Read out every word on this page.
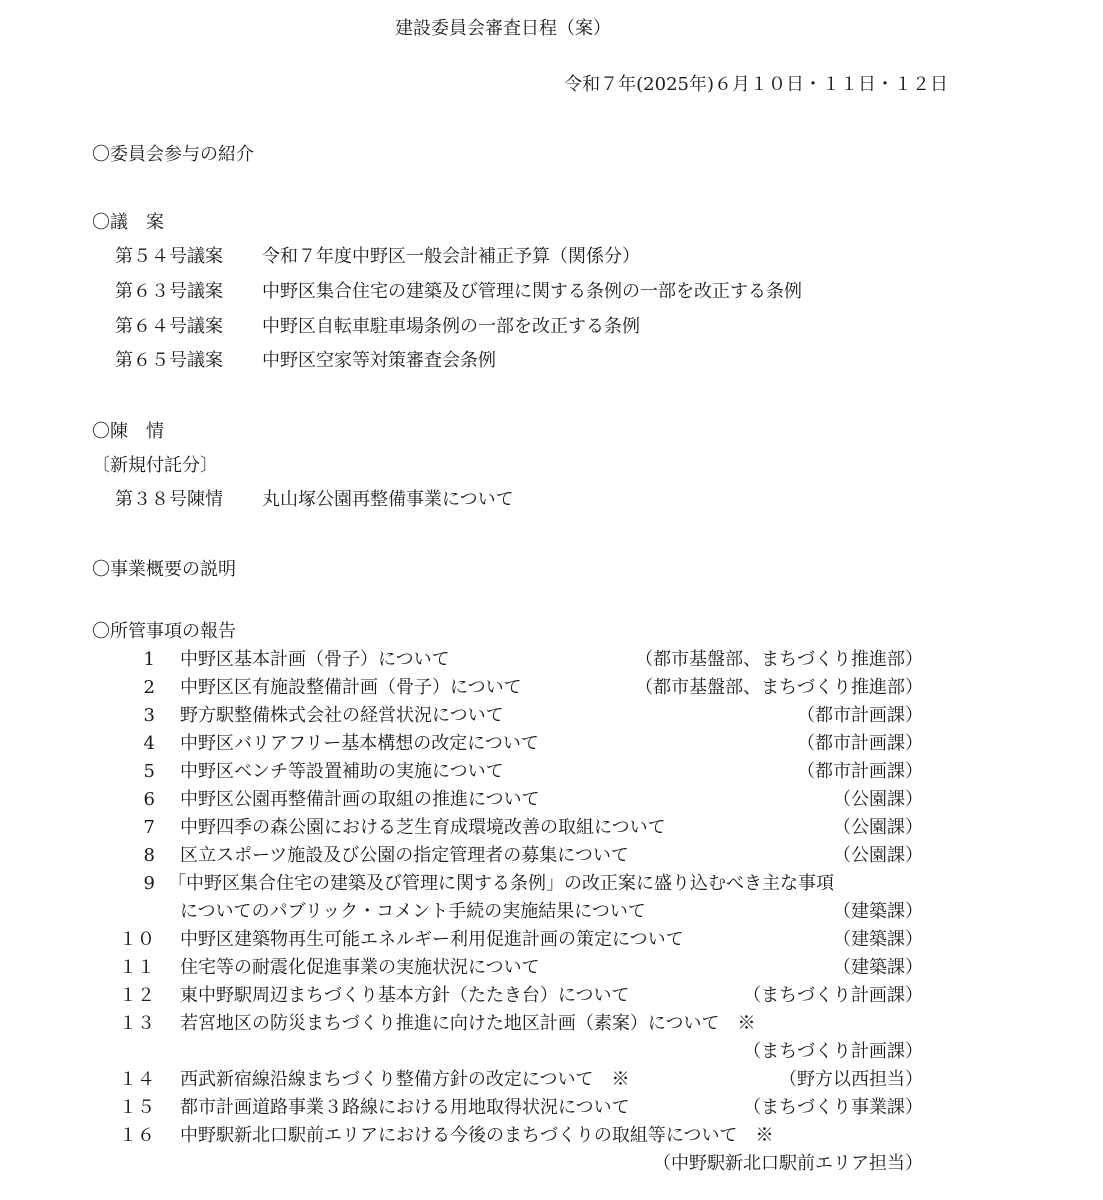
建設委員会審査日程（案）
令和７年(2025年)６月１０日・１１日・１２日
〇委員会参与の紹介
〇議　案
第５４号議案 令和７年度中野区一般会計補正予算（関係分）
第６３号議案 中野区集合住宅の建築及び管理に関する条例の一部を改正する条例
第６４号議案 中野区自転車駐車場条例の一部を改正する条例
第６５号議案 中野区空家等対策審査会条例
〇陳　情
〔新規付託分〕
第３８号陳情 丸山塚公園再整備事業について
〇事業概要の説明
〇所管事項の報告
1 中野区基本計画（骨子）について	（都市基盤部、まちづくり推進部）
2 中野区区有施設整備計画（骨子）について	（都市基盤部、まちづくり推進部）
3 野方駅整備株式会社の経営状況について	（都市計画課）
4 中野区バリアフリー基本構想の改定について	（都市計画課）
5 中野区ベンチ等設置補助の実施について	（都市計画課）
6 中野区公園再整備計画の取組の推進について	（公園課）
7 中野四季の森公園における芝生育成環境改善の取組について	（公園課）
8 区立スポーツ施設及び公園の指定管理者の募集について	（公園課）
9 「中野区集合住宅の建築及び管理に関する条例」の改正案に盛り込むべき主な事項
についてのパブリック・コメント手続の実施結果について	（建築課）
１０ 中野区建築物再生可能エネルギー利用促進計画の策定について	（建築課）
１１ 住宅等の耐震化促進事業の実施状況について	（建築課）
１２ 東中野駅周辺まちづくり基本方針（たたき台）について	（まちづくり計画課）
１３ 若宮地区の防災まちづくり推進に向けた地区計画（素案）について　※
（まちづくり計画課）
１４ 西武新宿線沿線まちづくり整備方針の改定について　※	（野方以西担当）
１５ 都市計画道路事業３路線における用地取得状況について	（まちづくり事業課）
１６ 中野駅新北口駅前エリアにおける今後のまちづくりの取組等について　※
（中野駅新北口駅前エリア担当）
